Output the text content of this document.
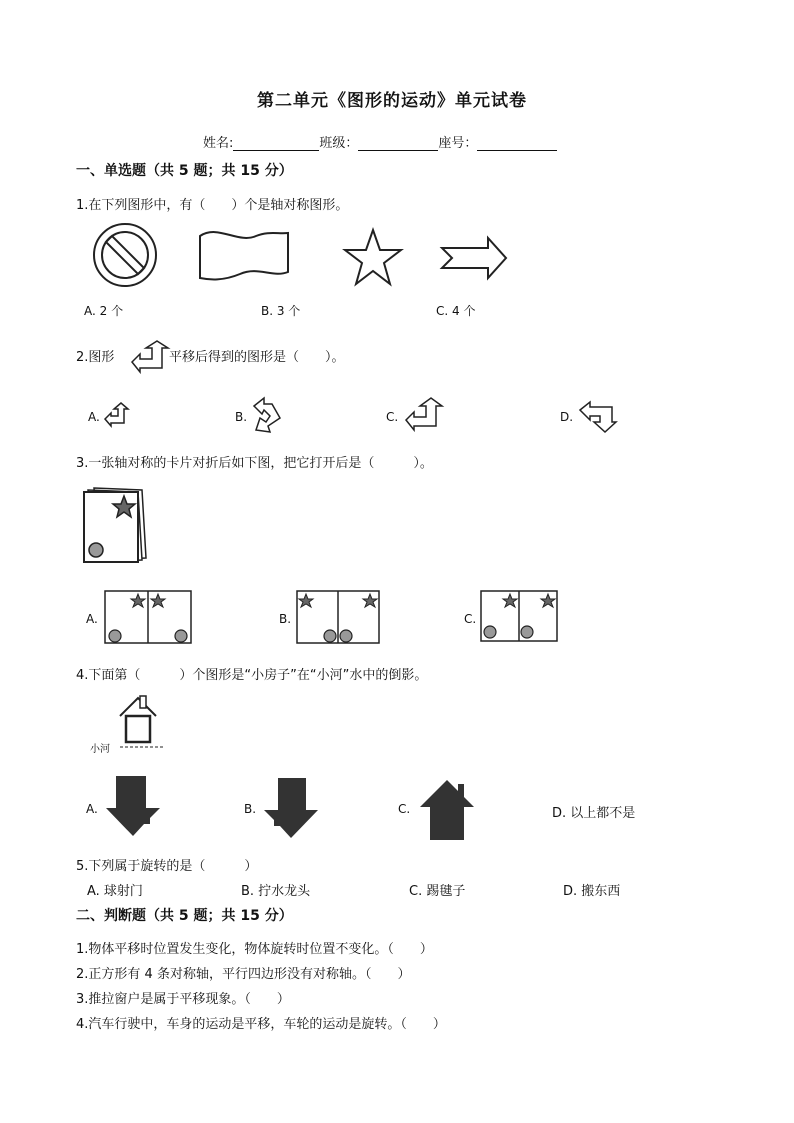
第二单元《图形的运动》单元试卷
姓名:	班级：	座号：
一、单选题（共 5 题；共 15 分）
1.在下列图形中，有（　　）个是轴对称图形。
A. 2 个	B. 3 个	C. 4 个
2.图形	平移后得到的图形是（　　）。
A.	B.	C.	D.
3.一张轴对称的卡片对折后如下图，把它打开后是（　　　）。
A.	B.	C.
4.下面第（　　　）个图形是“小房子”在“小河”水中的倒影。
小河
A.	B.	C.	D. 以上都不是
5.下列属于旋转的是（　　　）
A. 球射门	B. 拧水龙头	C. 踢毽子	D. 搬东西
二、判断题（共 5 题；共 15 分）
1.物体平移时位置发生变化，物体旋转时位置不变化。（　　）
2.正方形有 4 条对称轴，平行四边形没有对称轴。（　　）
3.推拉窗户是属于平移现象。（　　）
4.汽车行驶中，车身的运动是平移，车轮的运动是旋转。（　　）
